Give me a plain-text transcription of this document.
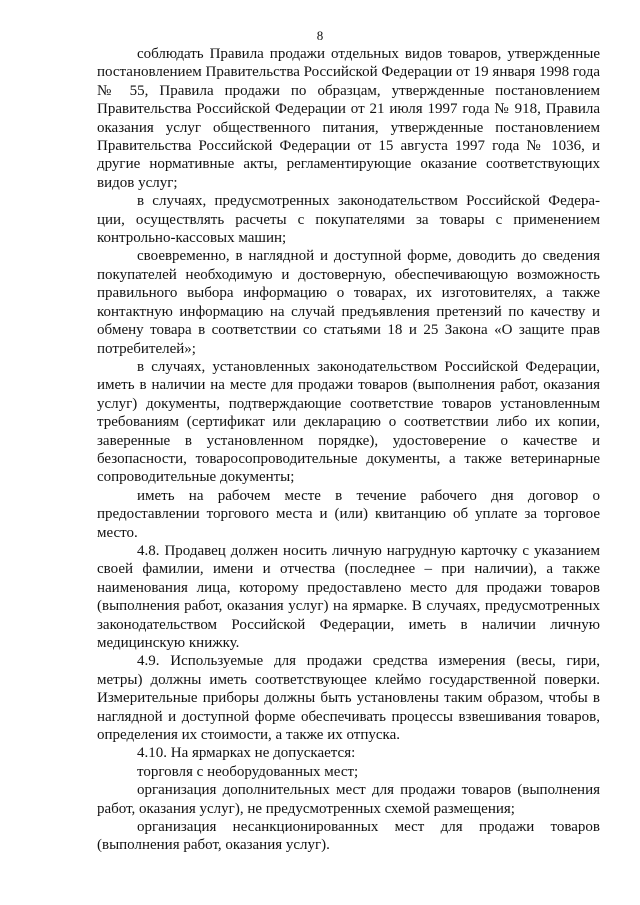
8

соблюдать Правила продажи отдельных видов товаров, утвержденные постановлением Правительства Российской Федерации от 19 января 1998 года № 55, Правила продажи по образцам, утвержденные постановлением Правительства Российской Федерации от 21 июля 1997 года № 918, Правила оказания услуг общественного питания, утвержденные постановлением Правительства Российской Федерации от 15 августа 1997 года № 1036, и другие нормативные акты, регламентирующие оказание соответствующих видов услуг;

в случаях, предусмотренных законодательством Российской Федерации, осуществлять расчеты с покупателями за товары с применением контрольно-кассовых машин;

своевременно, в наглядной и доступной форме, доводить до сведения покупателей необходимую и достоверную, обеспечивающую возможность правильного выбора информацию о товарах, их изготовителях, а также контактную информацию на случай предъявления претензий по качеству и обмену товара в соответствии со статьями 18 и 25 Закона «О защите прав потребителей»;

в случаях, установленных законодательством Российской Федерации, иметь в наличии на месте для продажи товаров (выполнения работ, оказания услуг) документы, подтверждающие соответствие товаров установленным требованиям (сертификат или декларацию о соответствии либо их копии, заверенные в установленном порядке), удостоверение о качестве и безопасности, товаросопроводительные документы, а также ветеринарные сопроводительные документы;

иметь на рабочем месте в течение рабочего дня договор о предоставлении торгового места и (или) квитанцию об уплате за торговое место.

4.8. Продавец должен носить личную нагрудную карточку с указанием своей фамилии, имени и отчества (последнее – при наличии), а также наименования лица, которому предоставлено место для продажи товаров (выполнения работ, оказания услуг) на ярмарке. В случаях, предусмотренных законодательством Российской Федерации, иметь в наличии личную медицинскую книжку.

4.9. Используемые для продажи средства измерения (весы, гири, метры) должны иметь соответствующее клеймо государственной поверки. Измерительные приборы должны быть установлены таким образом, чтобы в наглядной и доступной форме обеспечивать процессы взвешивания товаров, определения их стоимости, а также их отпуска.

4.10. На ярмарках не допускается:

торговля с необорудованных мест;

организация дополнительных мест для продажи товаров (выполнения работ, оказания услуг), не предусмотренных схемой размещения;

организация несанкционированных мест для продажи товаров (выполнения работ, оказания услуг).
